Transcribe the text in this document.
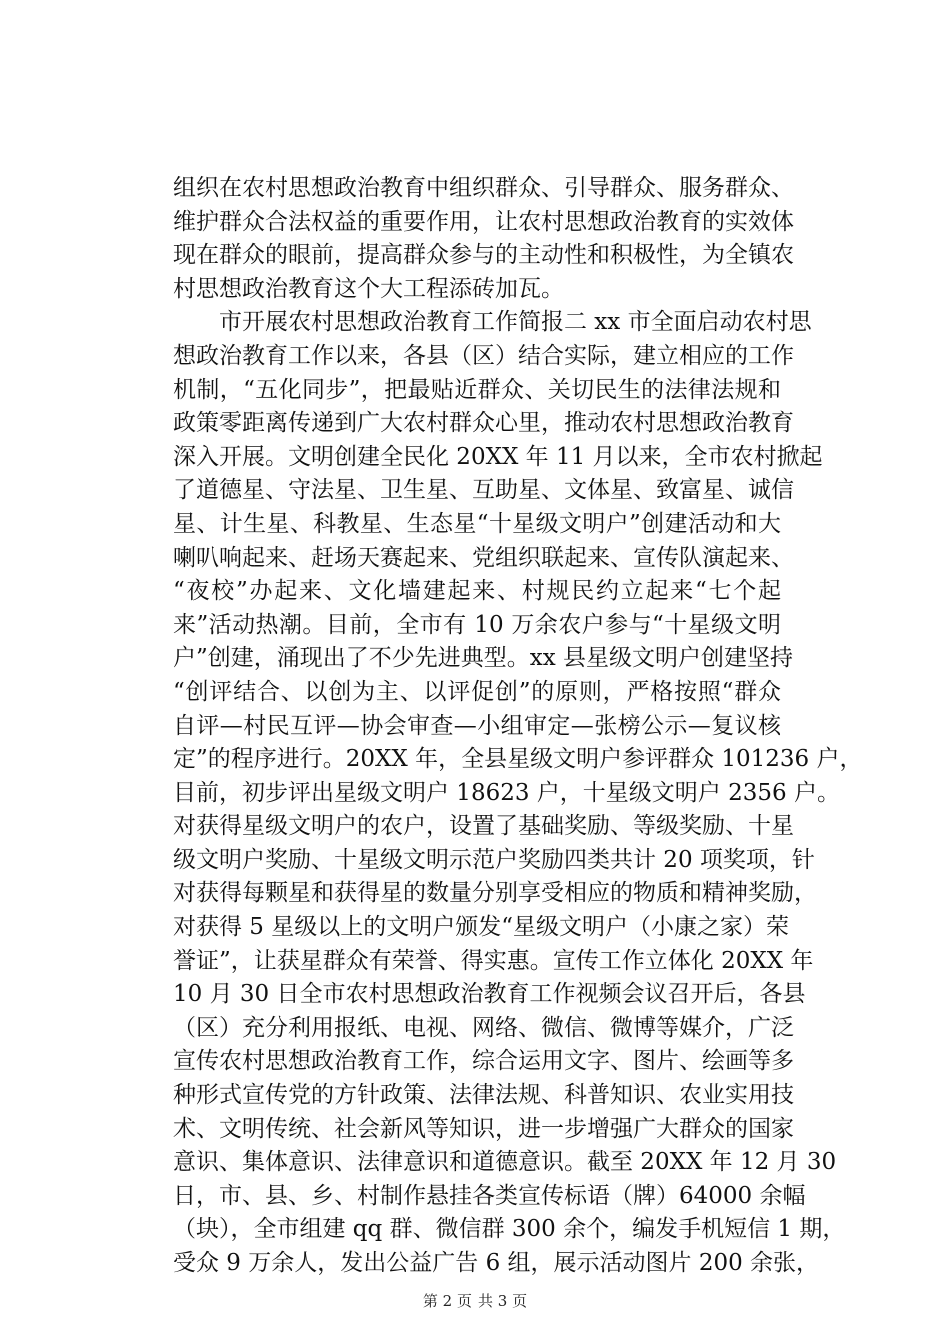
组织在农村思想政治教育中组织群众、引导群众、服务群众、
维护群众合法权益的重要作用，让农村思想政治教育的实效体
现在群众的眼前，提高群众参与的主动性和积极性，为全镇农
村思想政治教育这个大工程添砖加瓦。
市开展农村思想政治教育工作简报二 xx 市全面启动农村思
想政治教育工作以来，各县（区）结合实际，建立相应的工作
机制，“五化同步”，把最贴近群众、关切民生的法律法规和
政策零距离传递到广大农村群众心里，推动农村思想政治教育
深入开展。文明创建全民化 20XX 年 11 月以来，全市农村掀起
了道德星、守法星、卫生星、互助星、文体星、致富星、诚信
星、计生星、科教星、生态星“十星级文明户”创建活动和大
喇叭响起来、赶场天赛起来、党组织联起来、宣传队演起来、
“夜校”办起来、文化墙建起来、村规民约立起来“七个起
来”活动热潮。目前，全市有 10 万余农户参与“十星级文明
户”创建，涌现出了不少先进典型。xx 县星级文明户创建坚持
“创评结合、以创为主、以评促创”的原则，严格按照“群众
自评—村民互评—协会审查—小组审定—张榜公示—复议核
定”的程序进行。20XX 年，全县星级文明户参评群众 101236 户，
目前，初步评出星级文明户 18623 户，十星级文明户 2356 户。
对获得星级文明户的农户，设置了基础奖励、等级奖励、十星
级文明户奖励、十星级文明示范户奖励四类共计 20 项奖项，针
对获得每颗星和获得星的数量分别享受相应的物质和精神奖励，
对获得 5 星级以上的文明户颁发“星级文明户（小康之家）荣
誉证”，让获星群众有荣誉、得实惠。宣传工作立体化 20XX 年
10 月 30 日全市农村思想政治教育工作视频会议召开后，各县
（区）充分利用报纸、电视、网络、微信、微博等媒介，广泛
宣传农村思想政治教育工作，综合运用文字、图片、绘画等多
种形式宣传党的方针政策、法律法规、科普知识、农业实用技
术、文明传统、社会新风等知识，进一步增强广大群众的国家
意识、集体意识、法律意识和道德意识。截至 20XX 年 12 月 30
日，市、县、乡、村制作悬挂各类宣传标语（牌）64000 余幅
（块），全市组建 qq 群、微信群 300 余个，编发手机短信 1 期，
受众 9 万余人，发出公益广告 6 组，展示活动图片 200 余张，
第 2 页 共 3 页
